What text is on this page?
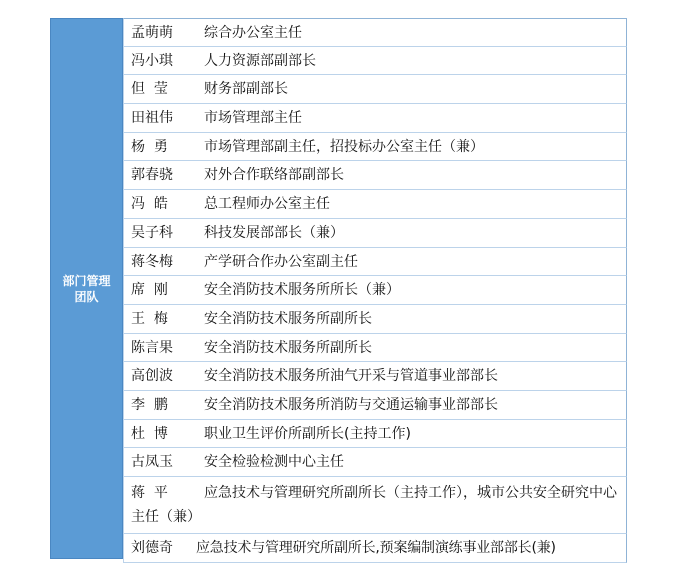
部门管理团队
孟萌萌 综合办公室主任
冯小琪 人力资源部副部长
但  莹	财务部副部长
田祖伟 市场管理部主任
杨  勇	市场管理部副主任，招投标办公室主任（兼）
郭春骁 对外合作联络部副部长
冯  皓	总工程师办公室主任
吴子科 科技发展部部长（兼）
蒋冬梅 产学研合作办公室副主任
席  刚	安全消防技术服务所所长（兼）
王  梅	安全消防技术服务所副所长
陈言果 安全消防技术服务所副所长
高创波 安全消防技术服务所油气开采与管道事业部部长
李  鹏	安全消防技术服务所消防与交通运输事业部部长
杜  博	职业卫生评价所副所长(主持工作)
古凤玉 安全检验检测中心主任
蒋  平	应急技术与管理研究所副所长（主持工作），城市公共安全研究中心主任（兼）
刘德奇 应急技术与管理研究所副所长,预案编制演练事业部部长(兼)
